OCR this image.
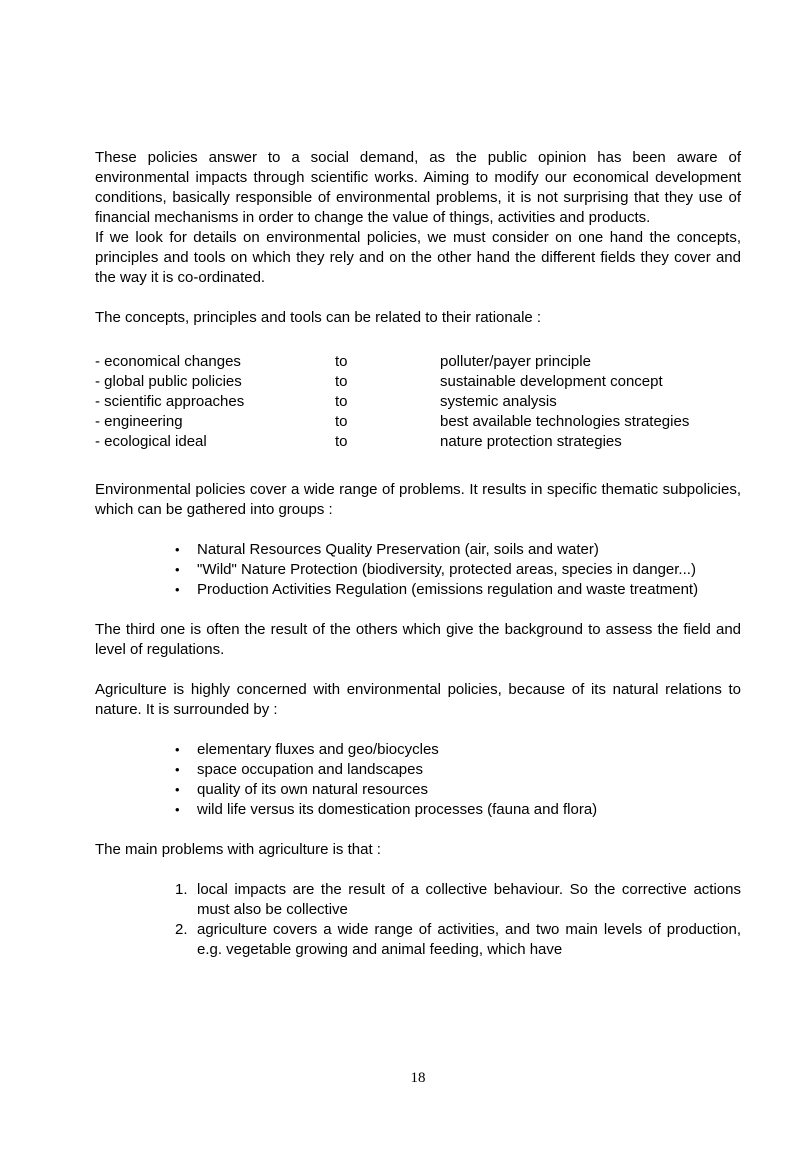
These policies answer to a social demand, as the public opinion has been aware of environmental impacts through scientific works. Aiming to modify our economical development conditions, basically responsible of environmental problems, it is not surprising that they use of financial mechanisms in order to change the value of things, activities and products.

If we look for details on environmental policies, we must consider on one hand the concepts, principles and tools on which they rely and on the other hand the different fields they cover and the way it is co-ordinated.

The concepts, principles and tools can be related to their rationale :

- economical changes	to	polluter/payer principle
- global public policies	to	sustainable development concept
- scientific approaches	to	systemic analysis
- engineering	to	best available technologies strategies
- ecological ideal	to	nature protection strategies

Environmental policies cover a wide range of problems. It results in specific thematic subpolicies, which can be gathered into groups :

•	Natural Resources Quality Preservation (air, soils and water)
•	"Wild" Nature Protection (biodiversity, protected areas, species in danger...)
•	Production Activities Regulation (emissions regulation and waste treatment)

The third one is often the result of the others which give the background to assess the field and level of regulations.

Agriculture is highly concerned with environmental policies, because of its natural relations to nature. It is surrounded by :

•	elementary fluxes and geo/biocycles
•	space occupation and landscapes
•	quality of its own natural resources
•	wild life versus its domestication processes (fauna and flora)

The main problems with agriculture is that :

1. local impacts are the result of a collective behaviour. So the corrective actions must also be collective
2. agriculture covers a wide range of activities, and two main levels of production, e.g. vegetable growing and animal feeding, which have
18
